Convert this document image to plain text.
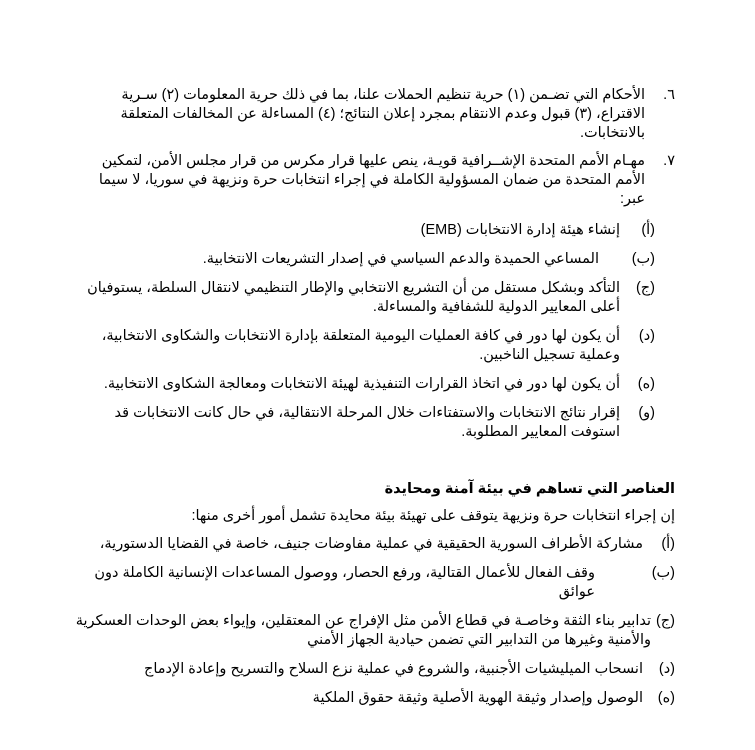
٦.
الأحكام التي تضـمن (١) حرية تنظيم الحملات علنا، بما في ذلك حرية المعلومات (٢) سـرية الاقتراع، (٣) قبول وعدم الانتقام بمجرد إعلان النتائج؛ (٤) المساءلة عن المخالفات المتعلقة بالانتخابات.

٧.
مهـام الأمم المتحدة الإشــرافية قويـة، ينص عليها قرار مكرس من قرار مجلس الأمن، لتمكين الأمم المتحدة من ضمان المسؤولية الكاملة في إجراء انتخابات حرة ونزيهة في سوريا، لا سيما عبر:

(أ)
إنشاء هيئة إدارة الانتخابات (EMB)

(ب)
المساعي الحميدة والدعم السياسي في إصدار التشريعات الانتخابية.

(ج)
التأكد وبشكل مستقل من أن التشريع الانتخابي والإطار التنظيمي لانتقال السلطة، يستوفيان أعلى المعايير الدولية للشفافية والمساءلة.

(د)
أن يكون لها دور في كافة العمليات اليومية المتعلقة بإدارة الانتخابات والشكاوى الانتخابية، وعملية تسجيل الناخبين.

(ه)
أن يكون لها دور في اتخاذ القرارات التنفيذية لهيئة الانتخابات ومعالجة الشكاوى الانتخابية.

(و)
إقرار نتائج الانتخابات والاستفتاءات خلال المرحلة الانتقالية، في حال كانت الانتخابات قد استوفت المعايير المطلوبة.

العناصر التي تساهم في بيئة آمنة ومحايدة

إن إجراء انتخابات حرة ونزيهة يتوقف على تهيئة بيئة محايدة تشمل أمور أخرى منها:

(أ)
مشاركة الأطراف السورية الحقيقية في عملية مفاوضات جنيف، خاصة في القضايا الدستورية،

(ب)
وقف الفعال للأعمال القتالية، ورفع الحصار، ووصول المساعدات الإنسانية الكاملة دون عوائق

(ج)
تدابير بناء الثقة وخاصـة في قطاع الأمن مثل الإفراج عن المعتقلين، وإيواء بعض الوحدات العسكرية والأمنية وغيرها من التدابير التي تضمن حيادية الجهاز الأمني

(د)
انسحاب الميليشيات الأجنبية، والشروع في عملية نزع السلاح والتسريح وإعادة الإدماج

(ه)
الوصول وإصدار وثيقة الهوية الأصلية وثيقة حقوق الملكية
